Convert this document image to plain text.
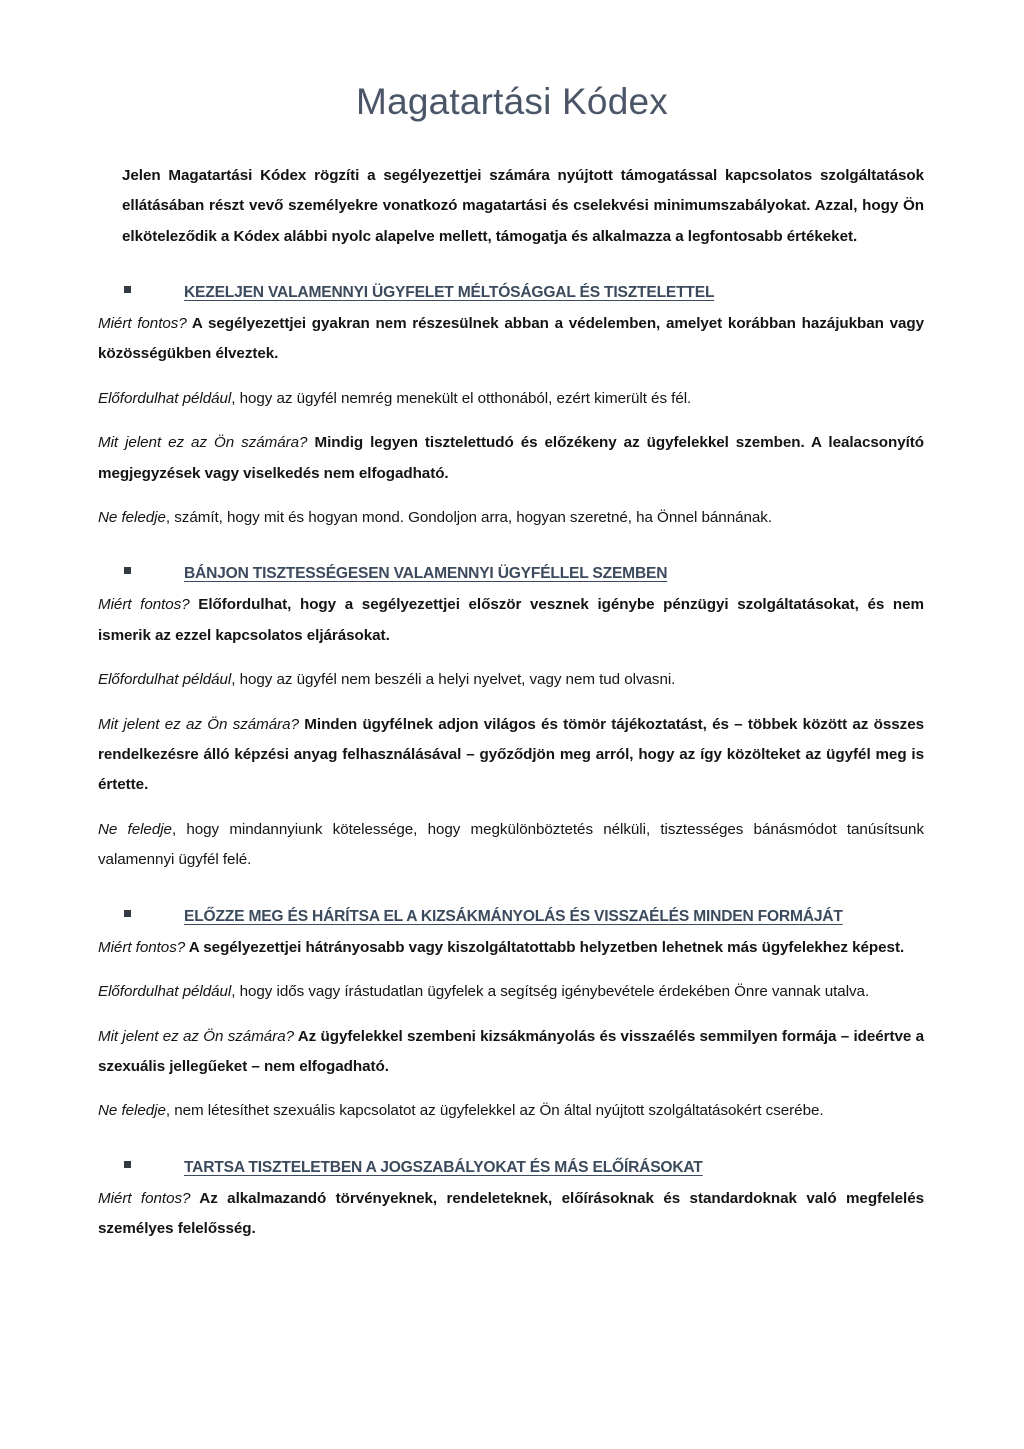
Magatartási Kódex

Jelen Magatartási Kódex rögzíti a segélyezettjei számára nyújtott támogatással kapcsolatos szolgáltatások ellátásában részt vevő személyekre vonatkozó magatartási és cselekvési minimumszabályokat. Azzal, hogy Ön elköteleződik a Kódex alábbi nyolc alapelve mellett, támogatja és alkalmazza a legfontosabb értékeket.

KEZELJEN VALAMENNYI ÜGYFELET MÉLTÓSÁGGAL ÉS TISZTELETTEL

Miért fontos? A segélyezettjei gyakran nem részesülnek abban a védelemben, amelyet korábban hazájukban vagy közösségükben élveztek.

Előfordulhat például, hogy az ügyfél nemrég menekült el otthonából, ezért kimerült és fél.

Mit jelent ez az Ön számára? Mindig legyen tisztelettudó és előzékeny az ügyfelekkel szemben. A lealacsonyító megjegyzések vagy viselkedés nem elfogadható.

Ne feledje, számít, hogy mit és hogyan mond. Gondoljon arra, hogyan szeretné, ha Önnel bánnának.

BÁNJON TISZTESSÉGESEN VALAMENNYI ÜGYFÉLLEL SZEMBEN

Miért fontos? Előfordulhat, hogy a segélyezettjei először vesznek igénybe pénzügyi szolgáltatásokat, és nem ismerik az ezzel kapcsolatos eljárásokat.

Előfordulhat például, hogy az ügyfél nem beszéli a helyi nyelvet, vagy nem tud olvasni.

Mit jelent ez az Ön számára? Minden ügyfélnek adjon világos és tömör tájékoztatást, és – többek között az összes rendelkezésre álló képzési anyag felhasználásával – győződjön meg arról, hogy az így közölteket az ügyfél meg is értette.

Ne feledje, hogy mindannyiunk kötelessége, hogy megkülönböztetés nélküli, tisztességes bánásmódot tanúsítsunk valamennyi ügyfél felé.

ELŐZZE MEG ÉS HÁRÍTSA EL A KIZSÁKMÁNYOLÁS ÉS VISSZAÉLÉS MINDEN FORMÁJÁT

Miért fontos? A segélyezettjei hátrányosabb vagy kiszolgáltatottabb helyzetben lehetnek más ügyfelekhez képest.

Előfordulhat például, hogy idős vagy írástudatlan ügyfelek a segítség igénybevétele érdekében Önre vannak utalva.

Mit jelent ez az Ön számára? Az ügyfelekkel szembeni kizsákmányolás és visszaélés semmilyen formája – ideértve a szexuális jellegűeket – nem elfogadható.

Ne feledje, nem létesíthet szexuális kapcsolatot az ügyfelekkel az Ön által nyújtott szolgáltatásokért cserébe.

TARTSA TISZTELETBEN A JOGSZABÁLYOKAT ÉS MÁS ELŐÍRÁSOKAT

Miért fontos? Az alkalmazandó törvényeknek, rendeleteknek, előírásoknak és standardoknak való megfelelés személyes felelősség.
